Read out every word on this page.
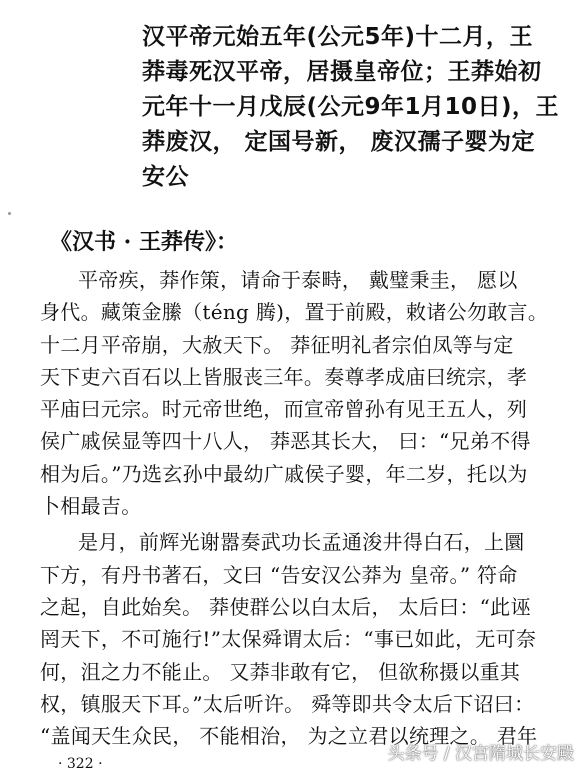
汉平帝元始五年(公元5年)十二月，王
莽毒死汉平帝，居摄皇帝位；王莽始初
元年十一月戊辰(公元9年1月10日)，王
莽废汉， 定国号新， 废汉孺子婴为定
安公
《汉书 · 王莽传》：
平帝疾，莽作策，请命于泰畤， 戴璧秉圭， 愿以
身代。藏策金縢（téng 腾)，置于前殿，敕诸公勿敢言。
十二月平帝崩，大赦天下。 莽征明礼者宗伯凤等与定
天下吏六百石以上皆服丧三年。奏尊孝成庙曰统宗，孝
平庙曰元宗。时元帝世绝，而宣帝曾孙有见王五人，列
侯广戚侯显等四十八人， 莽恶其长大， 曰：“兄弟不得
相为后。”乃选玄孙中最幼广戚侯子婴，年二岁，托以为
卜相最吉。
是月，前辉光谢嚣奏武功长孟通浚井得白石，上圜
下方，有丹书著石，文曰 “告安汉公莽为 皇帝。” 符命
之起，自此始矣。 莽使群公以白太后， 太后曰：“此诬
罔天下，不可施行!”太保舜谓太后：“事已如此，无可奈
何，沮之力不能止。 又莽非敢有它， 但欲称摄以重其
权，镇服天下耳。”太后听许。 舜等即共令太后下诏曰：
“盖闻天生众民， 不能相治， 为之立君以统理之。 君年
· 322 ·	头条号 / 汉宫隋城长安殿
